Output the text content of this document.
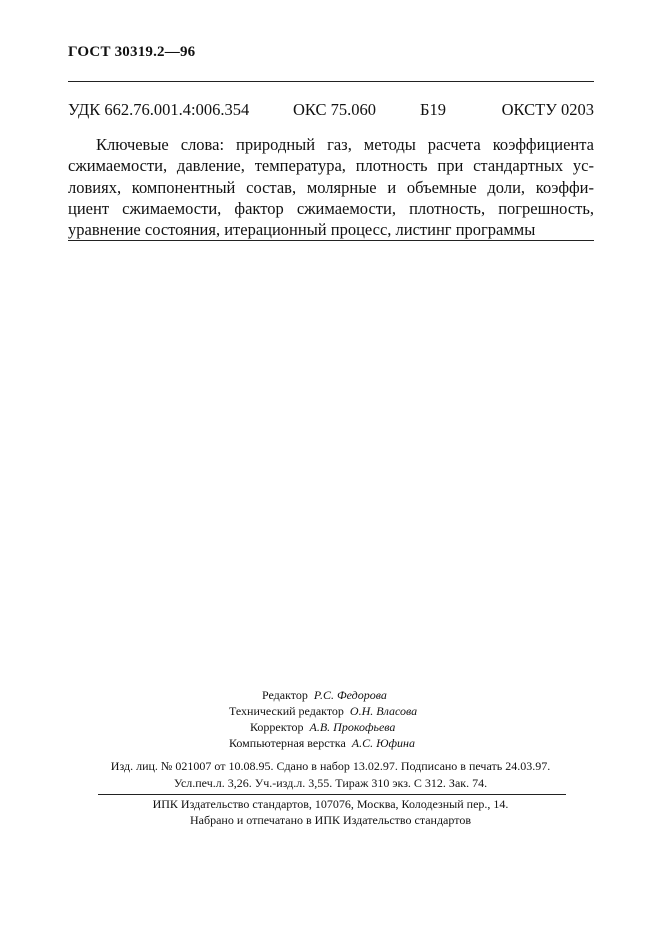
ГОСТ 30319.2—96
УДК 662.76.001.4:006.354	ОКС 75.060	Б19	ОКСТУ 0203
Ключевые слова: природный газ, методы расчета коэффициента
сжимаемости, давление, температура, плотность при стандартных ус-
ловиях, компонентный состав, молярные и объемные доли, коэффи-
циент сжимаемости, фактор сжимаемости, плотность, погрешность,
уравнение состояния, итерационный процесс, листинг программы
Редактор Р.С. Федорова
Технический редактор О.Н. Власова
Корректор А.В. Прокофьева
Компьютерная верстка А.С. Юфина
Изд. лиц. № 021007 от 10.08.95. Сдано в набор 13.02.97. Подписано в печать 24.03.97.
Усл.печ.л. 3,26. Уч.-изд.л. 3,55. Тираж 310 экз. С 312. Зак. 74.
ИПК Издательство стандартов, 107076, Москва, Колодезный пер., 14.
Набрано и отпечатано в ИПК Издательство стандартов
